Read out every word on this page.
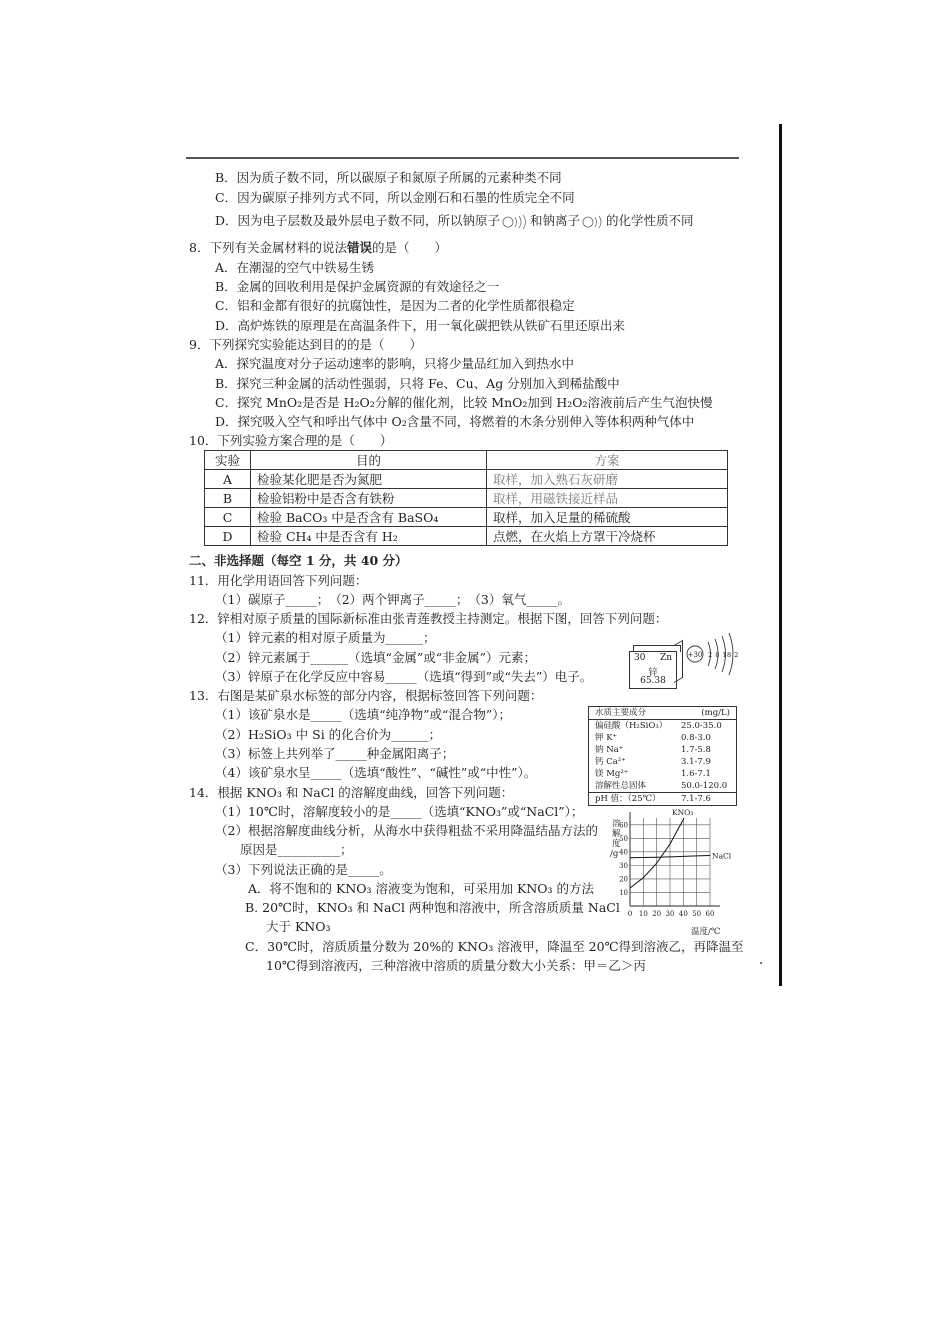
B．因为质子数不同，所以碳原子和氮原子所属的元素种类不同
C．因为碳原子排列方式不同，所以金刚石和石墨的性质完全不同
D．因为电子层数及最外层电子数不同，所以钠原子 和钠离子 的化学性质不同
8．下列有关金属材料的说法错误的是（　　）
A．在潮湿的空气中铁易生锈
B．金属的回收利用是保护金属资源的有效途径之一
C．铝和金都有很好的抗腐蚀性，是因为二者的化学性质都很稳定
D．高炉炼铁的原理是在高温条件下，用一氧化碳把铁从铁矿石里还原出来
9．下列探究实验能达到目的的是（　　）
A．探究温度对分子运动速率的影响，只将少量品红加入到热水中
B．探究三种金属的活动性强弱，只将 Fe、Cu、Ag 分别加入到稀盐酸中
C．探究 MnO₂是否是 H₂O₂分解的催化剂，比较 MnO₂加到 H₂O₂溶液前后产生气泡快慢
D．探究吸入空气和呼出气体中 O₂含量不同，将燃着的木条分别伸入等体积两种气体中
10．下列实验方案合理的是（　　）
实验	目的	方案
A	检验某化肥是否为氮肥	取样，加入熟石灰研磨
B	检验铝粉中是否含有铁粉	取样，用磁铁接近样品
C	检验 BaCO₃ 中是否含有 BaSO₄	取样，加入足量的稀硫酸
D	检验 CH₄ 中是否含有 H₂	点燃，在火焰上方罩干冷烧杯
二、非选择题（每空 1 分，共 40 分）
11．用化学用语回答下列问题：
（1）碳原子_____；　（2）两个钾离子_____；　（3）氧气_____。
12．锌相对原子质量的国际新标准由张青莲教授主持测定。根据下图，回答下列问题：
（1）锌元素的相对原子质量为______；
（2）锌元素属于______（选填“金属”或“非金属”）元素；
（3）锌原子在化学反应中容易_____（选填“得到”或“失去”）电子。
30 Zn
锌
65.38
+30 2 8 18 2
13．右图是某矿泉水标签的部分内容，根据标签回答下列问题：
（1）该矿泉水是_____（选填“纯净物”或“混合物”）；
（2）H₂SiO₃ 中 Si 的化合价为______；
（3）标签上共列举了_____种金属阳离子；
（4）该矿泉水呈_____（选填“酸性”、“碱性”或“中性”）。
水质主要成分	(mg/L)
偏硅酸（H₂SiO₃）	25.0-35.0
钾 K⁺	0.8-3.0
钠 Na⁺	1.7-5.8
钙 Ca²⁺	3.1-7.9
镁 Mg²⁺	1.6-7.1
溶解性总固体	50.0-120.0
pH 值：（25℃）	7.1-7.6
14．根据 KNO₃ 和 NaCl 的溶解度曲线，回答下列问题：
（1）10℃时，溶解度较小的是_____（选填“KNO₃”或“NaCl”）；
（2）根据溶解度曲线分析，从海水中获得粗盐不采用降温结晶方法的
原因是__________；
（3）下列说法正确的是_____。
A．将不饱和的 KNO₃ 溶液变为饱和，可采用加 KNO₃ 的方法
B. 20℃时，KNO₃ 和 NaCl 两种饱和溶液中，所含溶质质量 NaCl
大于 KNO₃
C．30℃时，溶质质量分数为 20%的 KNO₃ 溶液甲，降温至 20℃得到溶液乙，再降温至
10℃得到溶液丙，三种溶液中溶质的质量分数大小关系：甲＝乙＞丙
KNO₃
NaCl
0 10 20 30 40 50 60
10
20
30
40
50
60
溶解度/g
温度/℃
